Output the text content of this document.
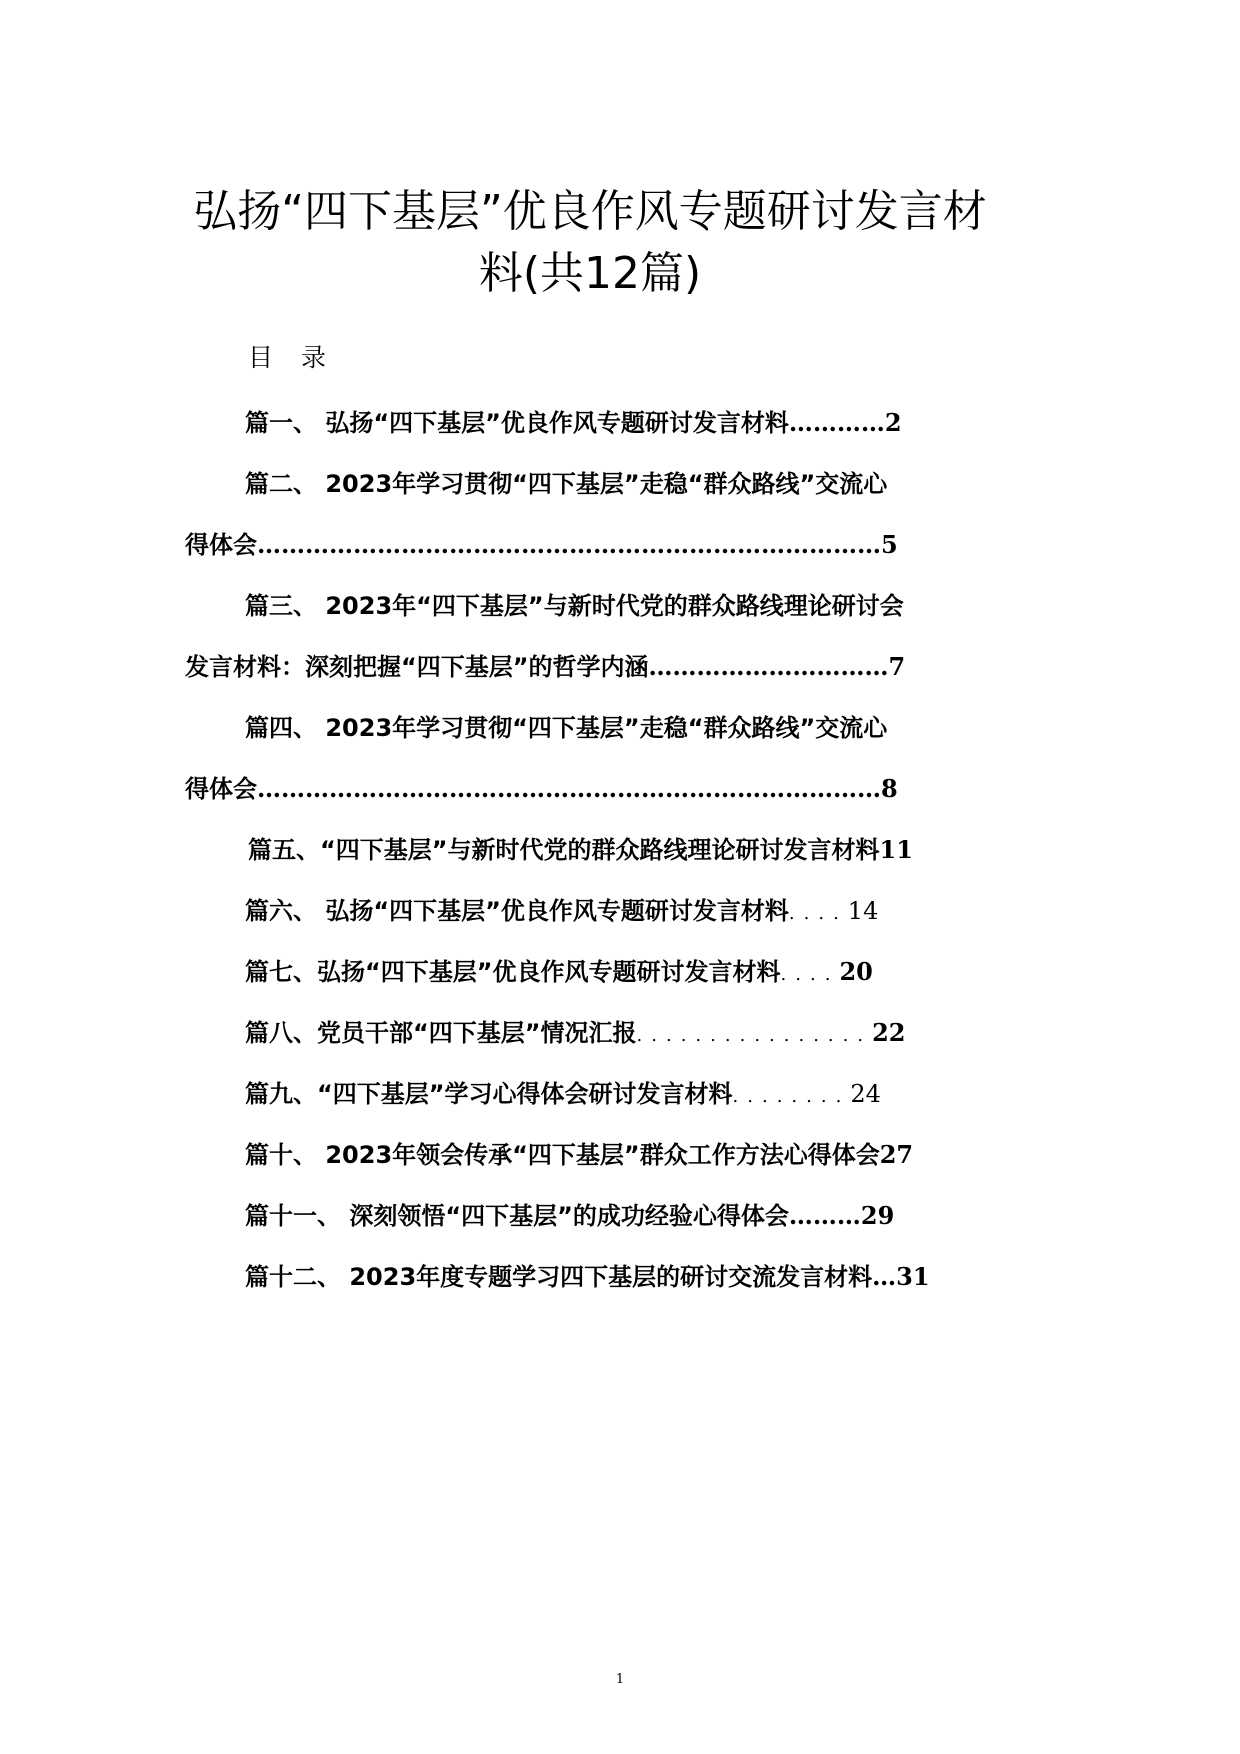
弘扬“四下基层”优良作风专题研讨发言材
料(共12篇)
目录
篇一、 弘扬“四下基层”优良作风专题研讨发言材料…………2
篇二、 2023年学习贯彻“四下基层”走稳“群众路线”交流心
得体会……………………………………………………………………5
篇三、 2023年“四下基层”与新时代党的群众路线理论研讨会
发言材料：深刻把握“四下基层”的哲学内涵…………………………7
篇四、 2023年学习贯彻“四下基层”走稳“群众路线”交流心
得体会……………………………………………………………………8
篇五、“四下基层”与新时代党的群众路线理论研讨发言材料11
篇六、 弘扬“四下基层”优良作风专题研讨发言材料....14
篇七、弘扬“四下基层”优良作风专题研讨发言材料....20
篇八、党员干部“四下基层”情况汇报................22
篇九、“四下基层”学习心得体会研讨发言材料........24
篇十、 2023年领会传承“四下基层”群众工作方法心得体会27
篇十一、 深刻领悟“四下基层”的成功经验心得体会………29
篇十二、 2023年度专题学习四下基层的研讨交流发言材料…31
1
